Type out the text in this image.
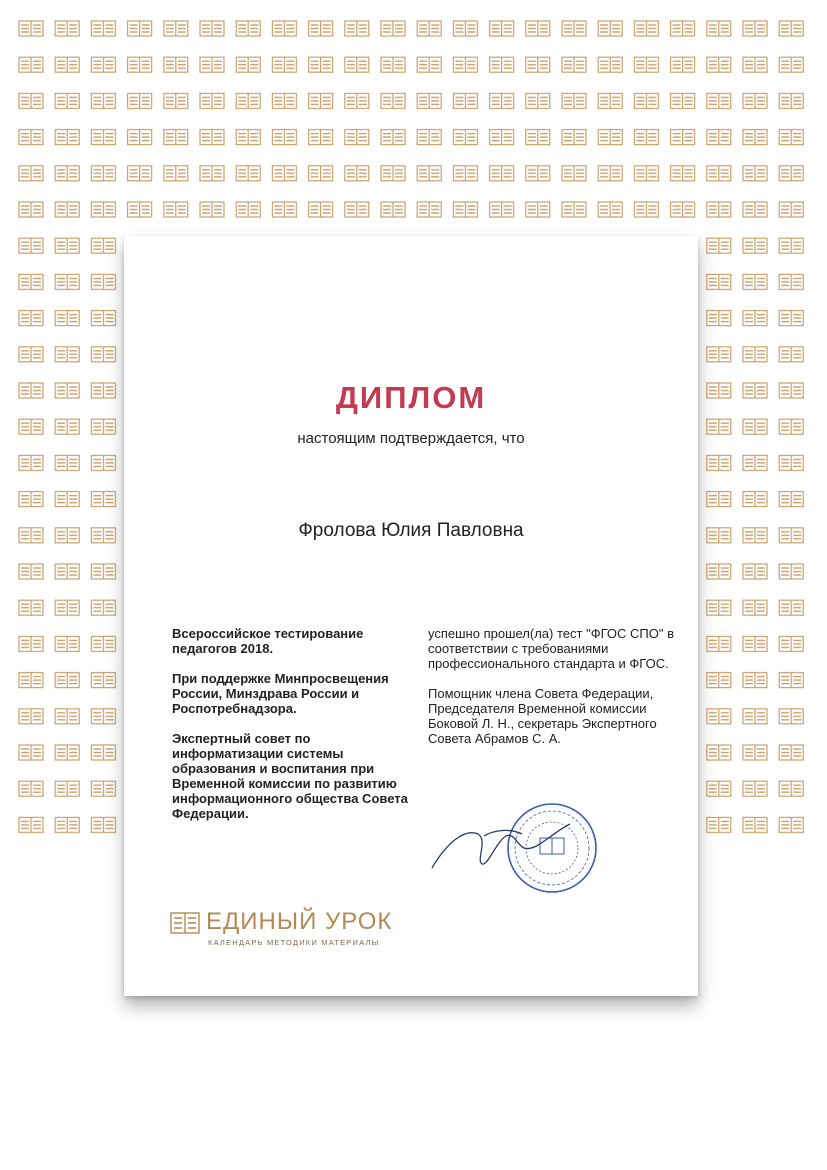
ДИПЛОМ
настоящим подтверждается, что
Фролова Юлия Павловна

Всероссийское тестирование педагогов 2018.

При поддержке Минпросвещения России, Минздрава России и Роспотребнадзора.

Экспертный совет по информатизации системы образования и воспитания при Временной комиссии по развитию информационного общества Совета Федерации.

успешно прошел(ла) тест "ФГОС СПО" в соответствии с требованиями профессионального стандарта и ФГОС.

Помощник члена Совета Федерации, Председателя Временной комиссии Боковой Л. Н., секретарь Экспертного Совета Абрамов С. А.

ЕДИНЫЙ УРОК
КАЛЕНДАРЬ МЕТОДИКИ МАТЕРИАЛЫ
